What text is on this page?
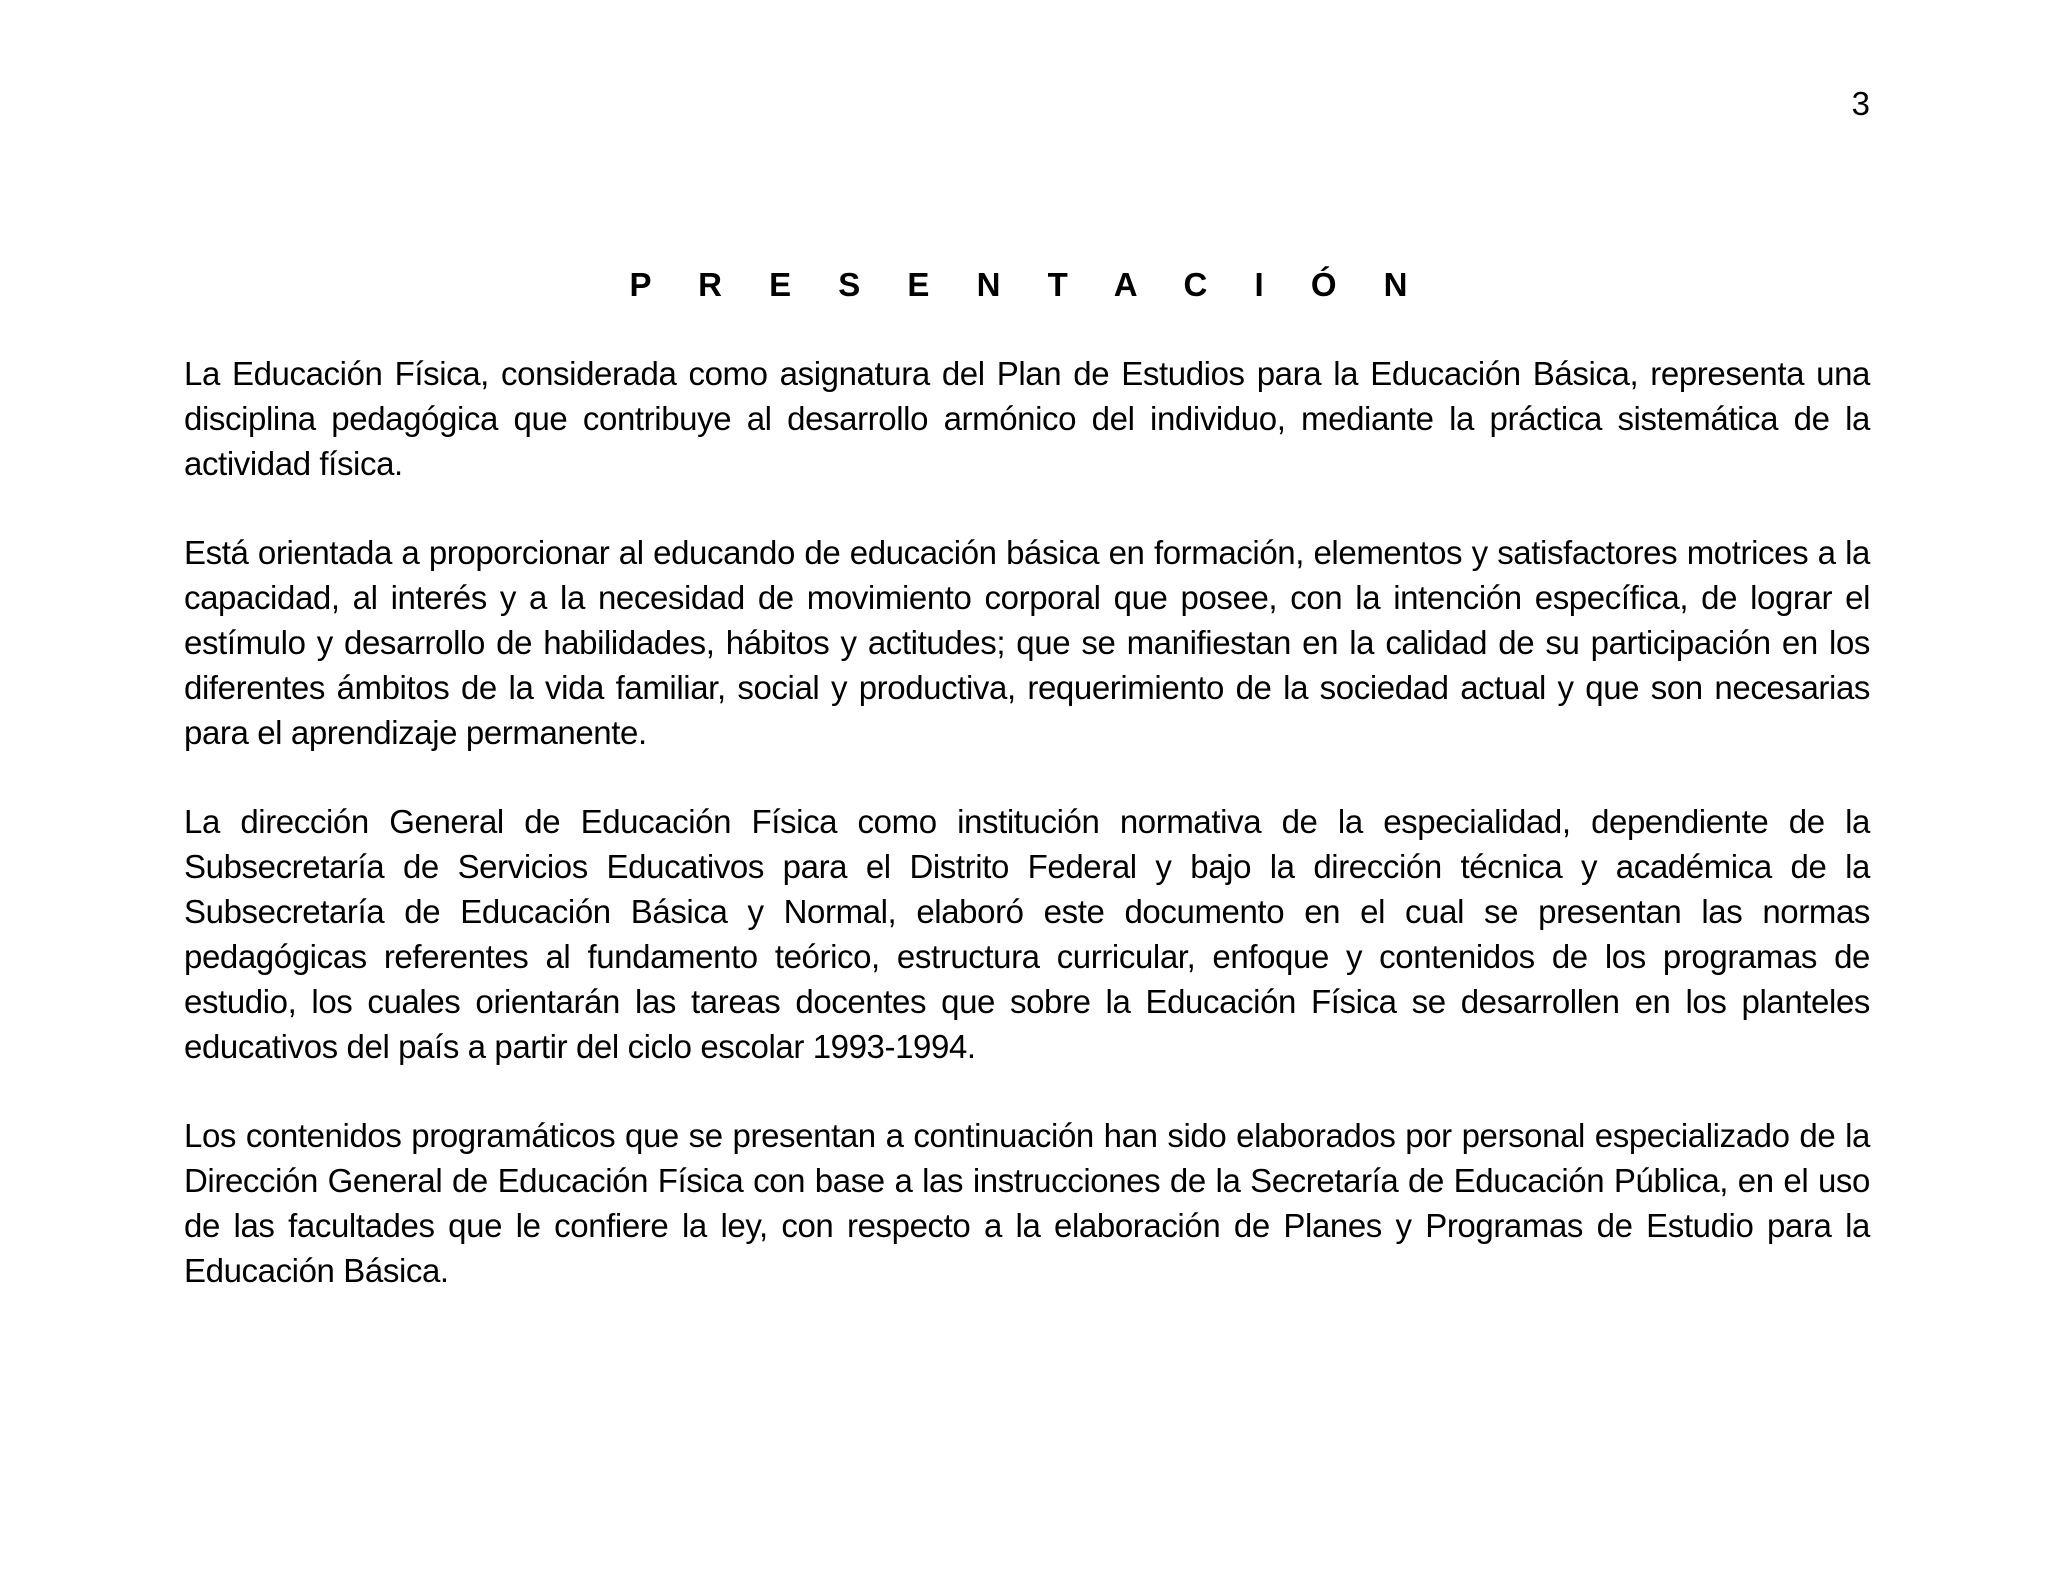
3
P R E S E N T A C I Ó N

La Educación Física, considerada como asignatura del Plan de Estudios para la Educación Básica, representa una disciplina pedagógica que contribuye al desarrollo armónico del individuo, mediante la práctica sistemática de la actividad física.

Está orientada a proporcionar al educando de educación básica en formación, elementos y satisfactores motrices a la capacidad, al interés y a la necesidad de movimiento corporal que posee, con la intención específica, de lograr el estímulo y desarrollo de habilidades, hábitos y actitudes; que se manifiestan en la calidad de su participación en los diferentes ámbitos de la vida familiar, social y productiva, requerimiento de la sociedad actual y que son necesarias para el aprendizaje permanente.

La dirección General de Educación Física como institución normativa de la especialidad, dependiente de la Subsecretaría de Servicios Educativos para el Distrito Federal y bajo la dirección técnica y académica de la Subsecretaría de Educación Básica y Normal, elaboró este documento en el cual se presentan las normas pedagógicas referentes al fundamento teórico, estructura curricular, enfoque y contenidos de los programas de estudio, los cuales orientarán las tareas docentes que sobre la Educación Física se desarrollen en los planteles educativos del país a partir del ciclo escolar 1993-1994.

Los contenidos programáticos que se presentan a continuación han sido elaborados por personal especializado de la Dirección General de Educación Física con base a las instrucciones de la Secretaría de Educación Pública, en el uso de las facultades que le confiere la ley, con respecto a la elaboración de Planes y Programas de Estudio para la Educación Básica.
